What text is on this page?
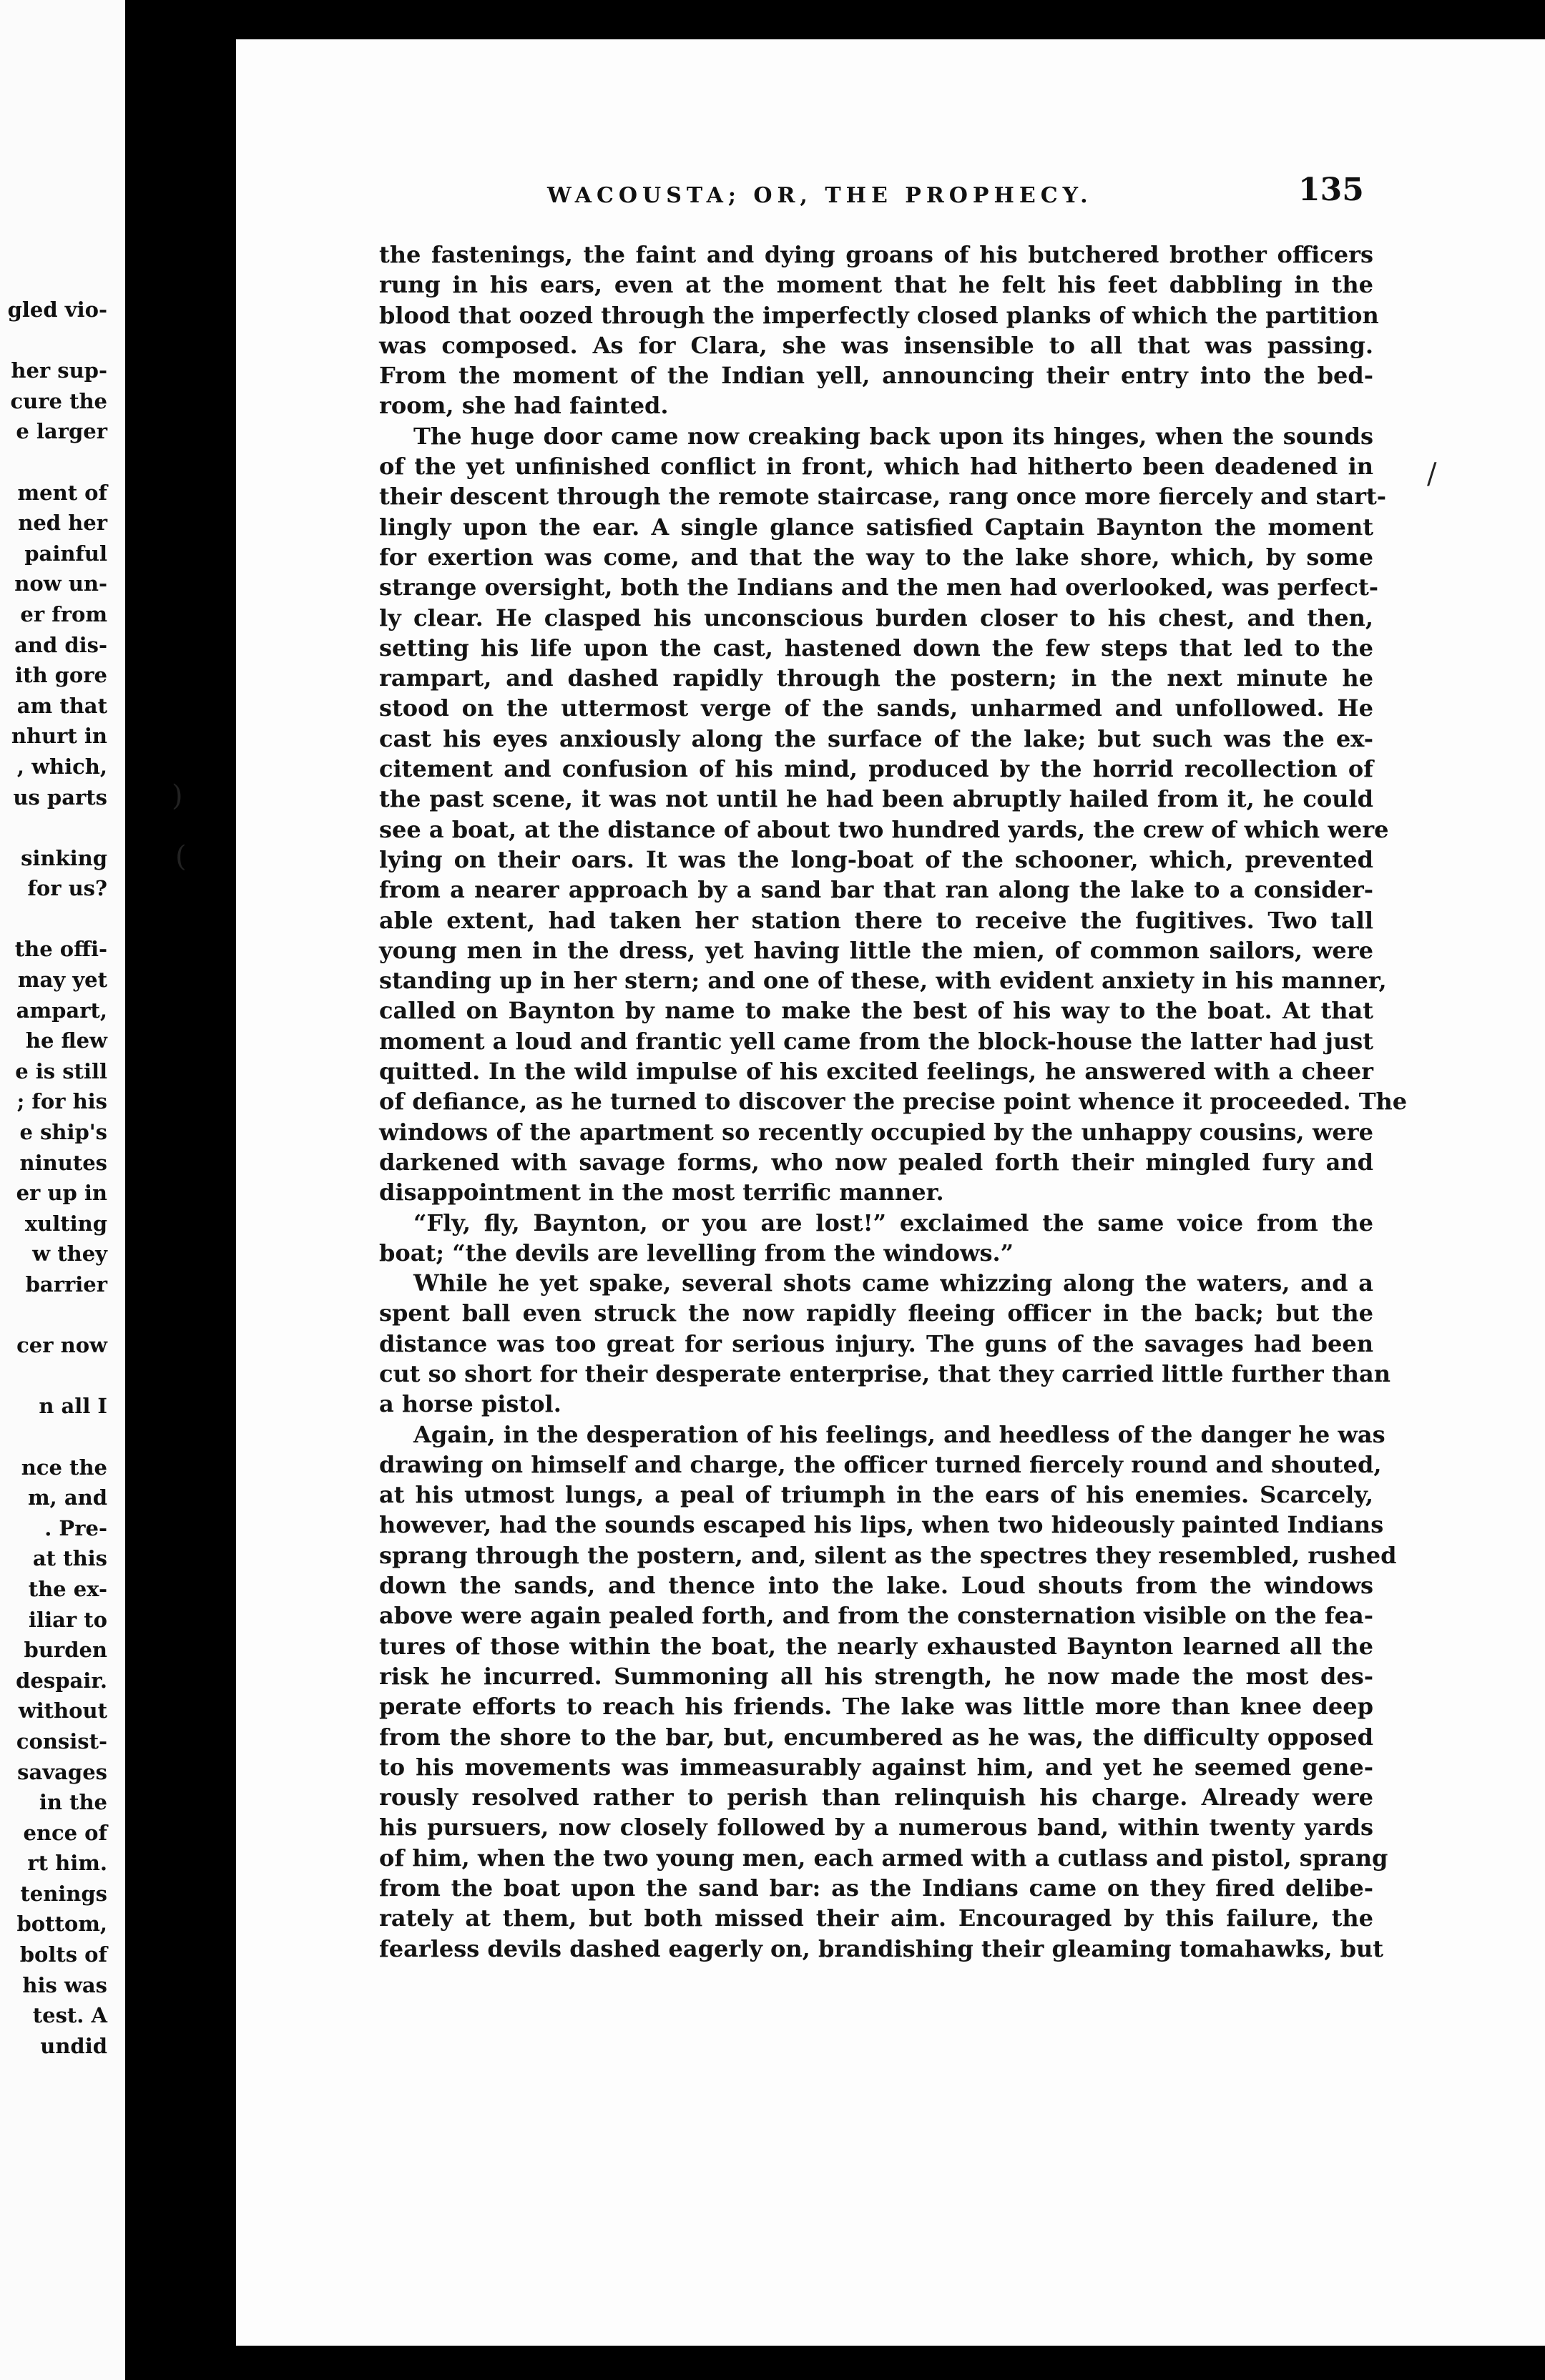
gled vio-
her sup-
cure the
e larger
ment of
ned her
painful
now un-
er from
and dis-
ith gore
am that
nhurt in
, which,
us parts
sinking
for us?
the offi-
may yet
ampart,
he flew
e is still
; for his
e ship's
ninutes
er up in
xulting
w they
barrier
cer now
n all I
nce the
m, and
. Pre-
at this
the ex-
iliar to
burden
despair.
without
consist-
savages
in the
ence of
rt him.
tenings
bottom,
bolts of
his was
test. A
undid
WACOUSTA; OR, THE PROPHECY.	135
the fastenings, the faint and dying groans of his butchered brother officers
rung in his ears, even at the moment that he felt his feet dabbling in the
blood that oozed through the imperfectly closed planks of which the partition
was composed. As for Clara, she was insensible to all that was passing.
From the moment of the Indian yell, announcing their entry into the bed-
room, she had fainted.
The huge door came now creaking back upon its hinges, when the sounds
of the yet unfinished conflict in front, which had hitherto been deadened in
their descent through the remote staircase, rang once more fiercely and start-
lingly upon the ear. A single glance satisfied Captain Baynton the moment
for exertion was come, and that the way to the lake shore, which, by some
strange oversight, both the Indians and the men had overlooked, was perfect-
ly clear. He clasped his unconscious burden closer to his chest, and then,
setting his life upon the cast, hastened down the few steps that led to the
rampart, and dashed rapidly through the postern; in the next minute he
stood on the uttermost verge of the sands, unharmed and unfollowed. He
cast his eyes anxiously along the surface of the lake; but such was the ex-
citement and confusion of his mind, produced by the horrid recollection of
the past scene, it was not until he had been abruptly hailed from it, he could
see a boat, at the distance of about two hundred yards, the crew of which were
lying on their oars. It was the long-boat of the schooner, which, prevented
from a nearer approach by a sand bar that ran along the lake to a consider-
able extent, had taken her station there to receive the fugitives. Two tall
young men in the dress, yet having little the mien, of common sailors, were
standing up in her stern; and one of these, with evident anxiety in his manner,
called on Baynton by name to make the best of his way to the boat. At that
moment a loud and frantic yell came from the block-house the latter had just
quitted. In the wild impulse of his excited feelings, he answered with a cheer
of defiance, as he turned to discover the precise point whence it proceeded. The
windows of the apartment so recently occupied by the unhappy cousins, were
darkened with savage forms, who now pealed forth their mingled fury and
disappointment in the most terrific manner.
“Fly, fly, Baynton, or you are lost!” exclaimed the same voice from the
boat; “the devils are levelling from the windows.”
While he yet spake, several shots came whizzing along the waters, and a
spent ball even struck the now rapidly fleeing officer in the back; but the
distance was too great for serious injury. The guns of the savages had been
cut so short for their desperate enterprise, that they carried little further than
a horse pistol.
Again, in the desperation of his feelings, and heedless of the danger he was
drawing on himself and charge, the officer turned fiercely round and shouted,
at his utmost lungs, a peal of triumph in the ears of his enemies. Scarcely,
however, had the sounds escaped his lips, when two hideously painted Indians
sprang through the postern, and, silent as the spectres they resembled, rushed
down the sands, and thence into the lake. Loud shouts from the windows
above were again pealed forth, and from the consternation visible on the fea-
tures of those within the boat, the nearly exhausted Baynton learned all the
risk he incurred. Summoning all his strength, he now made the most des-
perate efforts to reach his friends. The lake was little more than knee deep
from the shore to the bar, but, encumbered as he was, the difficulty opposed
to his movements was immeasurably against him, and yet he seemed gene-
rously resolved rather to perish than relinquish his charge. Already were
his pursuers, now closely followed by a numerous band, within twenty yards
of him, when the two young men, each armed with a cutlass and pistol, sprang
from the boat upon the sand bar: as the Indians came on they fired delibe-
rately at them, but both missed their aim. Encouraged by this failure, the
fearless devils dashed eagerly on, brandishing their gleaming tomahawks, but
/
)
(
